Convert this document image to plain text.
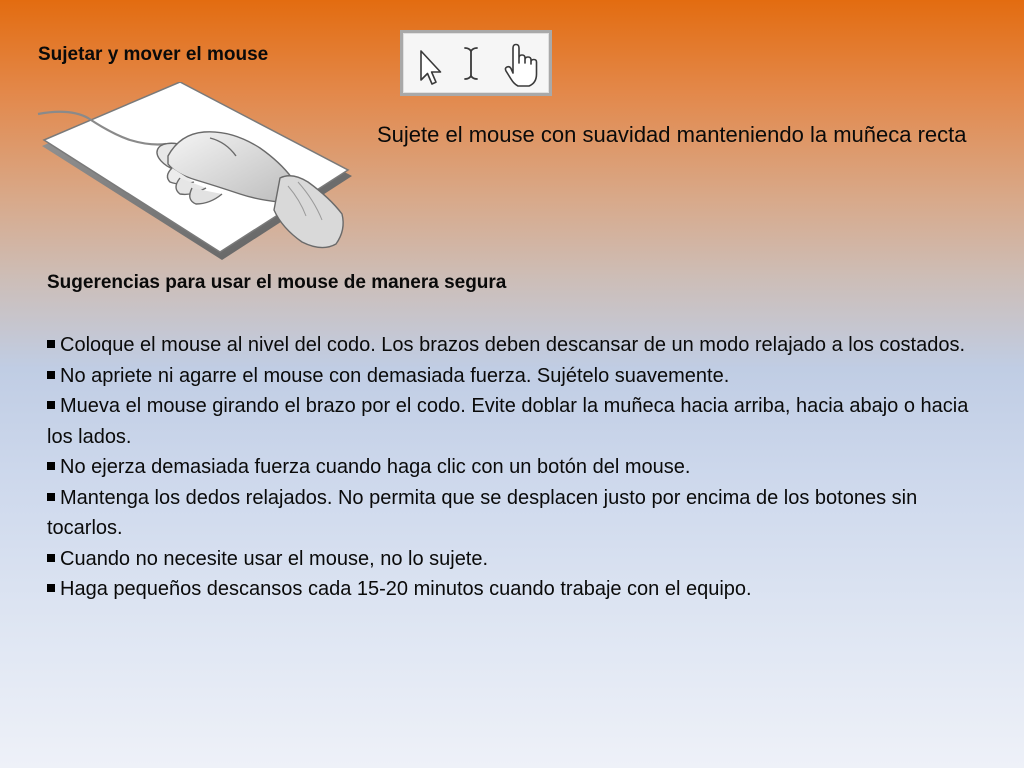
Sujetar y mover el mouse

Sujete el mouse con suavidad manteniendo la muñeca recta

Sugerencias para usar el mouse de manera segura
Coloque el mouse al nivel del codo. Los brazos deben descansar de un modo relajado a los costados.
No apriete ni agarre el mouse con demasiada fuerza. Sujételo suavemente.
Mueva el mouse girando el brazo por el codo. Evite doblar la muñeca hacia arriba, hacia abajo o hacia los lados.
No ejerza demasiada fuerza cuando haga clic con un botón del mouse.
Mantenga los dedos relajados. No permita que se desplacen justo por encima de los botones sin tocarlos.
Cuando no necesite usar el mouse, no lo sujete.
Haga pequeños descansos cada 15-20 minutos cuando trabaje con el equipo.
